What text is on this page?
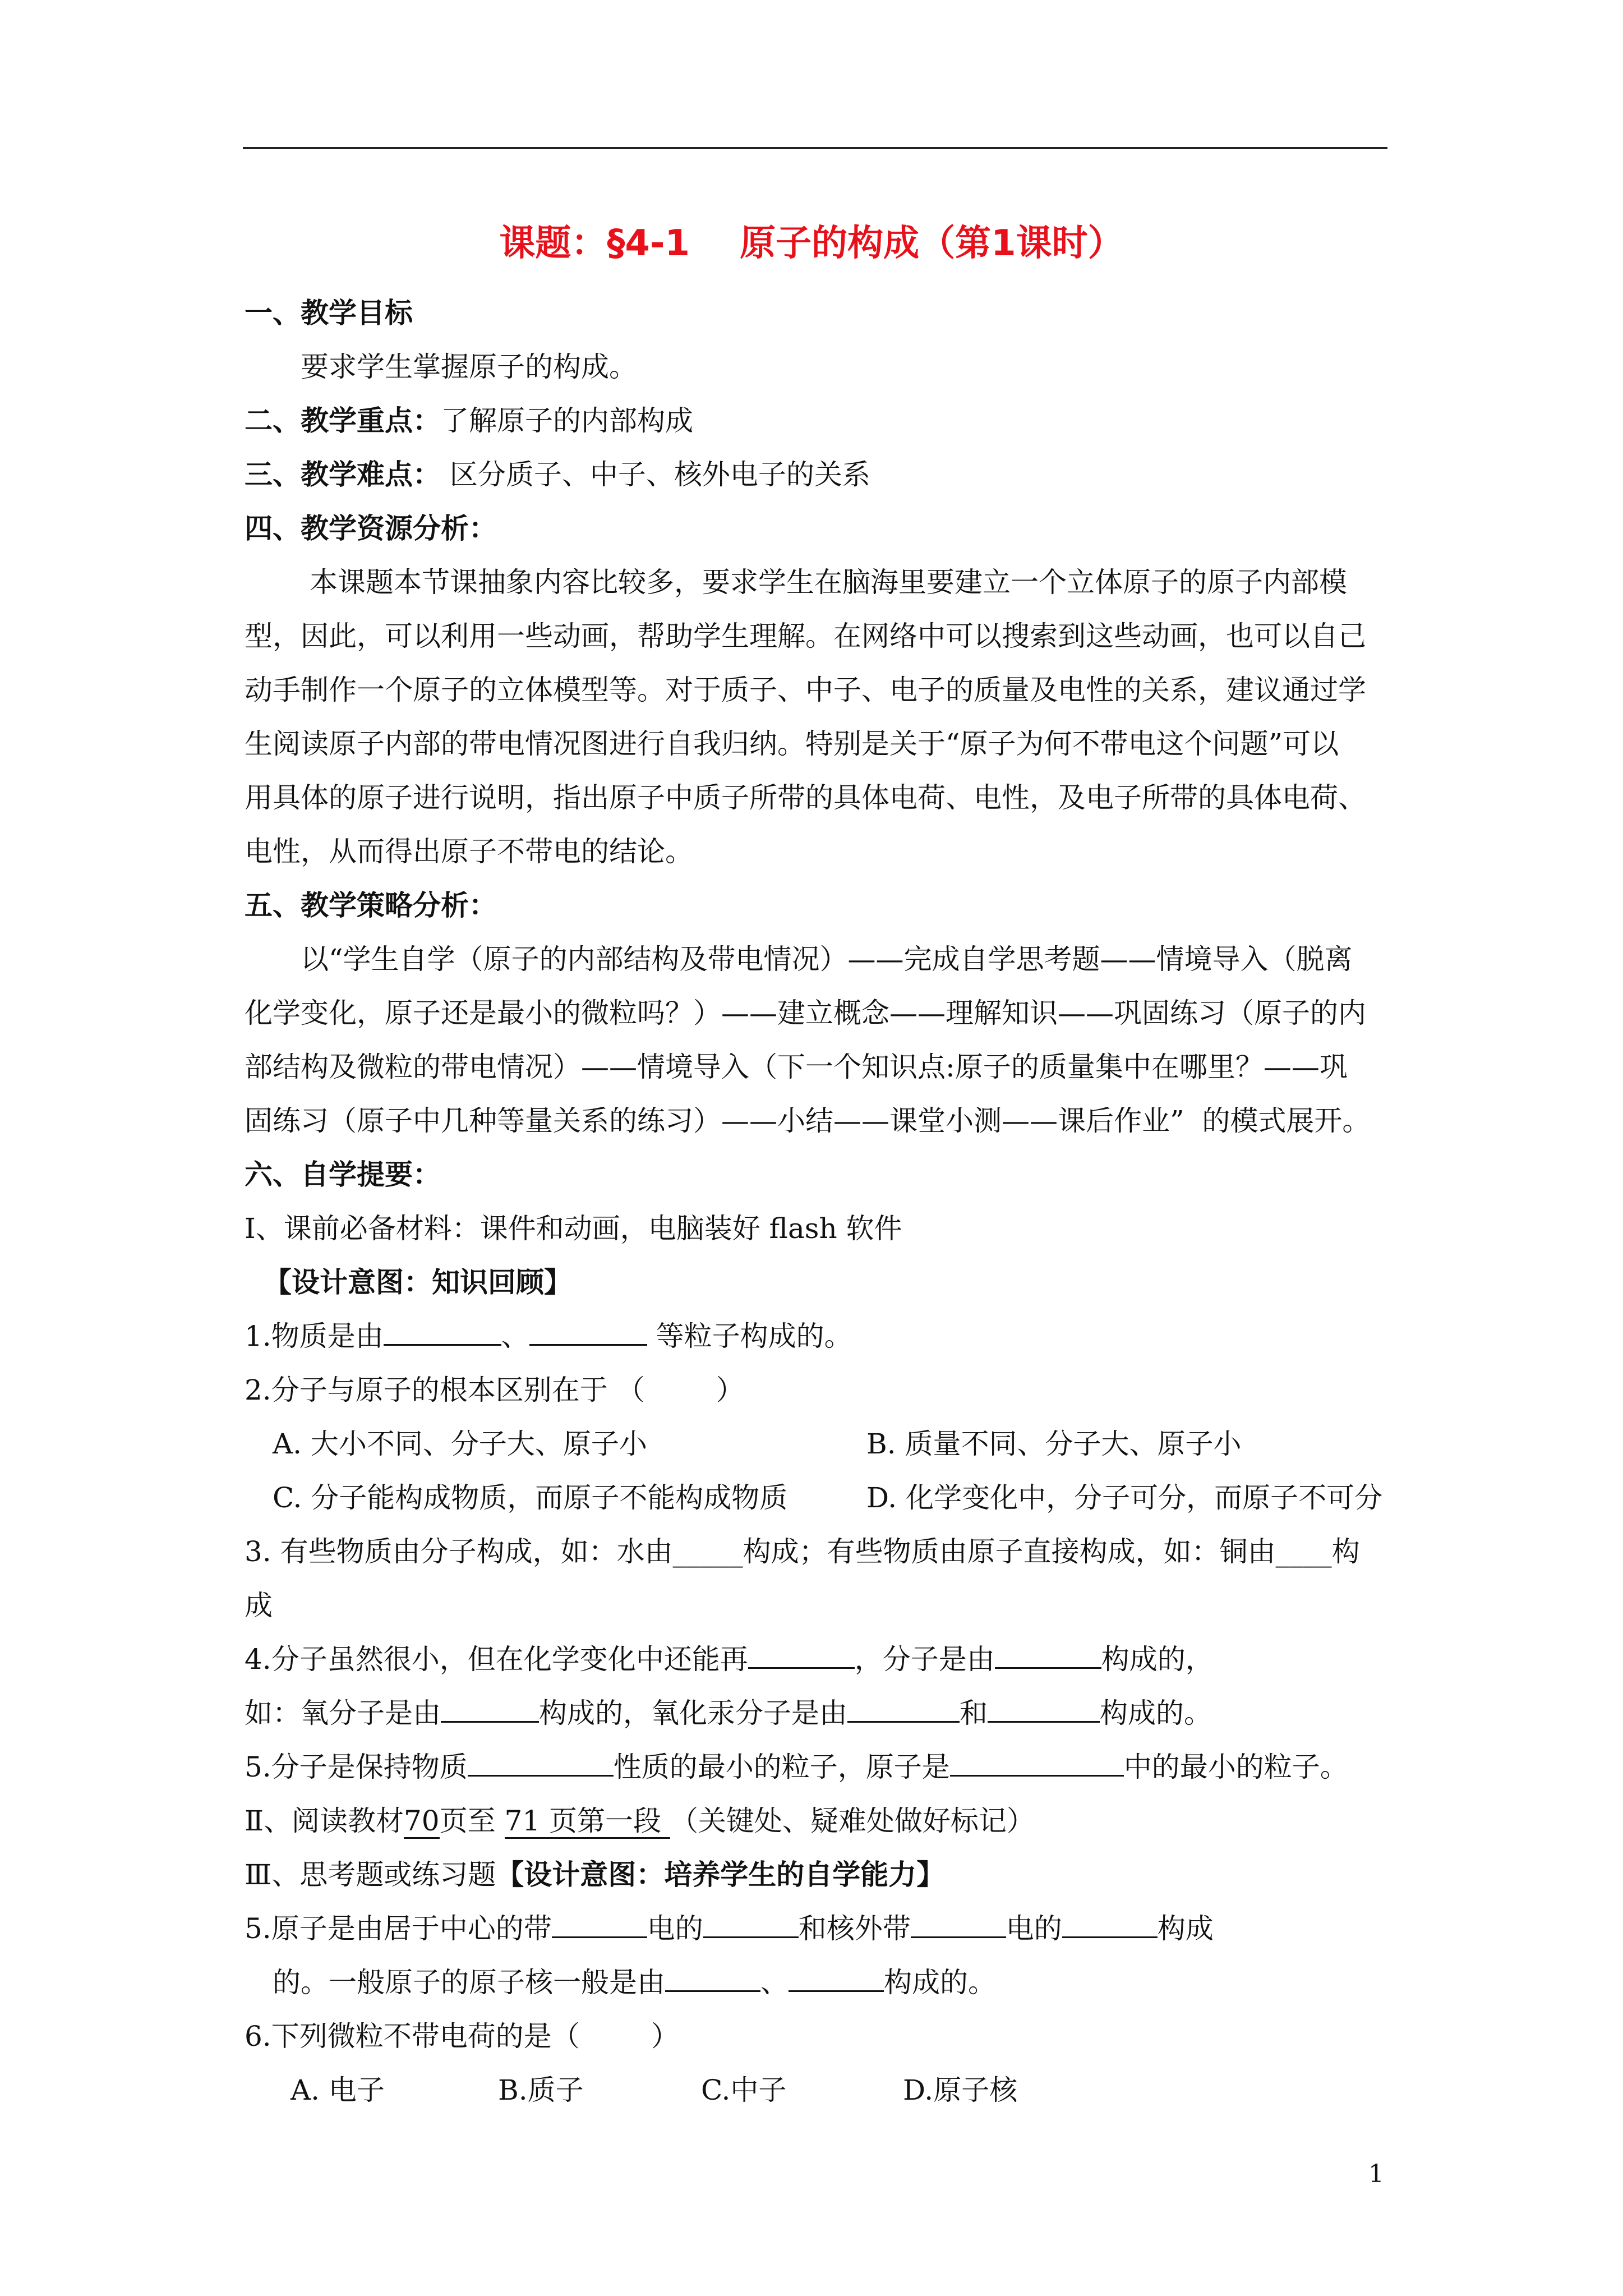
课题：§4-1    原子的构成（第1课时）
一、教学目标
要求学生掌握原子的构成。
二、教学重点：了解原子的内部构成
三、教学难点： 区分质子、中子、核外电子的关系
四、教学资源分析：
本课题本节课抽象内容比较多，要求学生在脑海里要建立一个立体原子的原子内部模
型，因此，可以利用一些动画，帮助学生理解。在网络中可以搜索到这些动画，也可以自己
动手制作一个原子的立体模型等。对于质子、中子、电子的质量及电性的关系，建议通过学
生阅读原子内部的带电情况图进行自我归纳。特别是关于“原子为何不带电这个问题”可以
用具体的原子进行说明，指出原子中质子所带的具体电荷、电性，及电子所带的具体电荷、
电性，从而得出原子不带电的结论。
五、教学策略分析：
以“学生自学（原子的内部结构及带电情况）——完成自学思考题——情境导入（脱离
化学变化，原子还是最小的微粒吗？）——建立概念——理解知识——巩固练习（原子的内
部结构及微粒的带电情况）——情境导入（下一个知识点:原子的质量集中在哪里？——巩
固练习（原子中几种等量关系的练习）——小结——课堂小测——课后作业”  的模式展开。
六、自学提要：
Ⅰ、课前必备材料：课件和动画，电脑装好 flash 软件
【设计意图：知识回顾】
1.物质是由	、	等粒子构成的。
2.分子与原子的根本区别在于 （        ）
A. 大小不同、分子大、原子小	B. 质量不同、分子大、原子小
C. 分子能构成物质，而原子不能构成物质	D. 化学变化中，分子可分，而原子不可分
3. 有些物质由分子构成，如：水由_____构成；有些物质由原子直接构成，如：铜由____构
成
4.分子虽然很小，但在化学变化中还能再	，分子是由	构成的，
如：氧分子是由	构成的，氧化汞分子是由	和	构成的。
5.分子是保持物质	性质的最小的粒子，原子是	中的最小的粒子。
Ⅱ、阅读教材70页至 71 页第一段 （关键处、疑难处做好标记）
Ⅲ、思考题或练习题【设计意图：培养学生的自学能力】
5.原子是由居于中心的带	电的	和核外带	电的	构成
的。一般原子的原子核一般是由	、	构成的。
6.下列微粒不带电荷的是（        ）
A. 电子	B.质子	C.中子	D.原子核
1
